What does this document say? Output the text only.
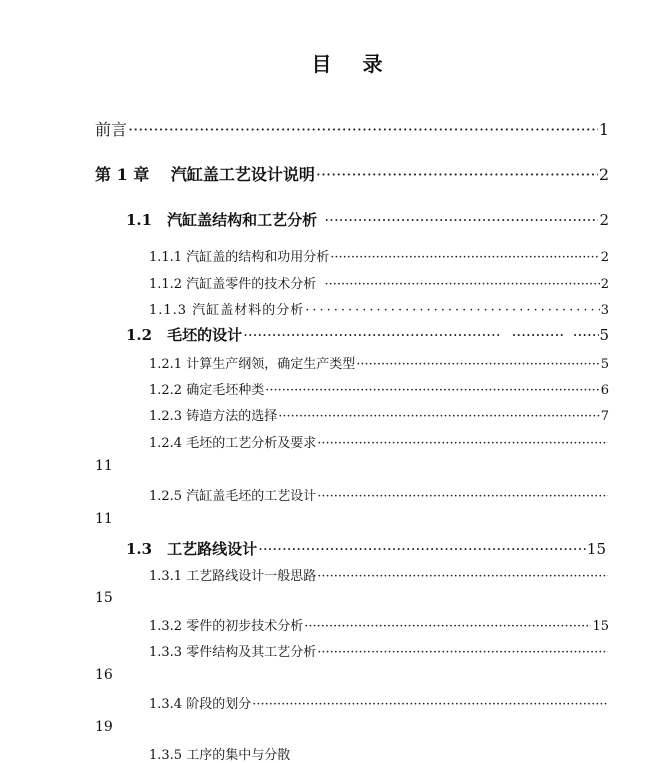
目 录
前言 ·····	1
第 1 章　 汽缸盖工艺设计说明 ·····	2
1.1　汽缸盖结构和工艺分析 ·····	2
1.1.1 汽缸盖的结构和功用分析 ·····	2
1.1.2 汽缸盖零件的技术分析 ·····	2
1.1.3 汽缸盖材料的分析 ·····	3
1.2　毛坯的设计 ····· ····· ·····	5
1.2.1 计算生产纲领，确定生产类型 ·····	5
1.2.2 确定毛坯种类 ·····	6
1.2.3 铸造方法的选择 ·····	7
1.2.4 毛坯的工艺分析及要求
·····
11
1.2.5 汽缸盖毛坯的工艺设计
·····
11
1.3　工艺路线设计 ·····	15
1.3.1 工艺路线设计一般思路
·····
15
1.3.2 零件的初步技术分析 ·····	15
1.3.3 零件结构及其工艺分析
·····
16
1.3.4 阶段的划分
·····
19
1.3.5 工序的集中与分散
